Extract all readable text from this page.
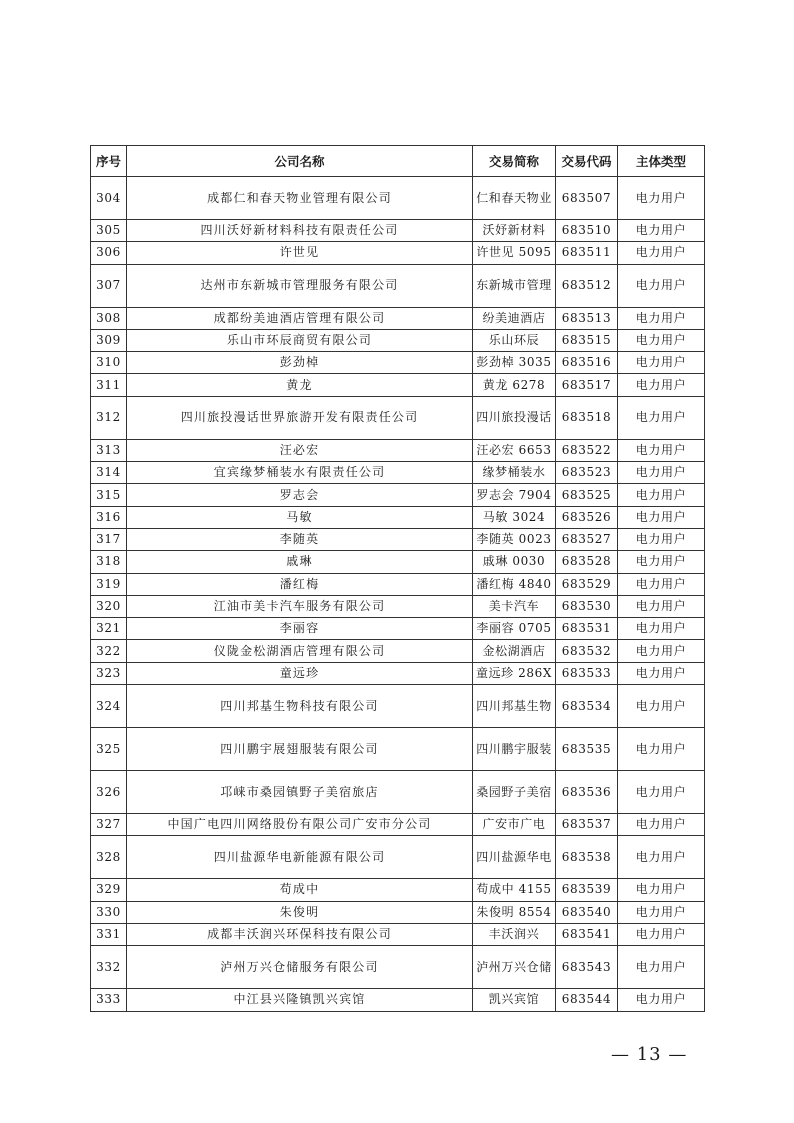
序号	公司名称	交易简称	交易代码	主体类型
304	成都仁和春天物业管理有限公司	仁和春天物业	683507	电力用户
305	四川沃妤新材料科技有限责任公司	沃妤新材料	683510	电力用户
306	许世见	许世见 5095	683511	电力用户
307	达州市东新城市管理服务有限公司	东新城市管理	683512	电力用户
308	成都纷美迪酒店管理有限公司	纷美迪酒店	683513	电力用户
309	乐山市环辰商贸有限公司	乐山环辰	683515	电力用户
310	彭劲棹	彭劲棹 3035	683516	电力用户
311	黄龙	黄龙 6278	683517	电力用户
312	四川旅投漫话世界旅游开发有限责任公司	四川旅投漫话	683518	电力用户
313	汪必宏	汪必宏 6653	683522	电力用户
314	宜宾缘梦桶装水有限责任公司	缘梦桶装水	683523	电力用户
315	罗志会	罗志会 7904	683525	电力用户
316	马敏	马敏 3024	683526	电力用户
317	李随英	李随英 0023	683527	电力用户
318	戚琳	戚琳 0030	683528	电力用户
319	潘红梅	潘红梅 4840	683529	电力用户
320	江油市美卡汽车服务有限公司	美卡汽车	683530	电力用户
321	李丽容	李丽容 0705	683531	电力用户
322	仪陇金松湖酒店管理有限公司	金松湖酒店	683532	电力用户
323	童远珍	童远珍 286X	683533	电力用户
324	四川邦基生物科技有限公司	四川邦基生物	683534	电力用户
325	四川鹏宇展翅服装有限公司	四川鹏宇服装	683535	电力用户
326	邛崃市桑园镇野子美宿旅店	桑园野子美宿	683536	电力用户
327	中国广电四川网络股份有限公司广安市分公司	广安市广电	683537	电力用户
328	四川盐源华电新能源有限公司	四川盐源华电	683538	电力用户
329	苟成中	苟成中 4155	683539	电力用户
330	朱俊明	朱俊明 8554	683540	电力用户
331	成都丰沃润兴环保科技有限公司	丰沃润兴	683541	电力用户
332	泸州万兴仓储服务有限公司	泸州万兴仓储	683543	电力用户
333	中江县兴隆镇凯兴宾馆	凯兴宾馆	683544	电力用户
— 13 —
